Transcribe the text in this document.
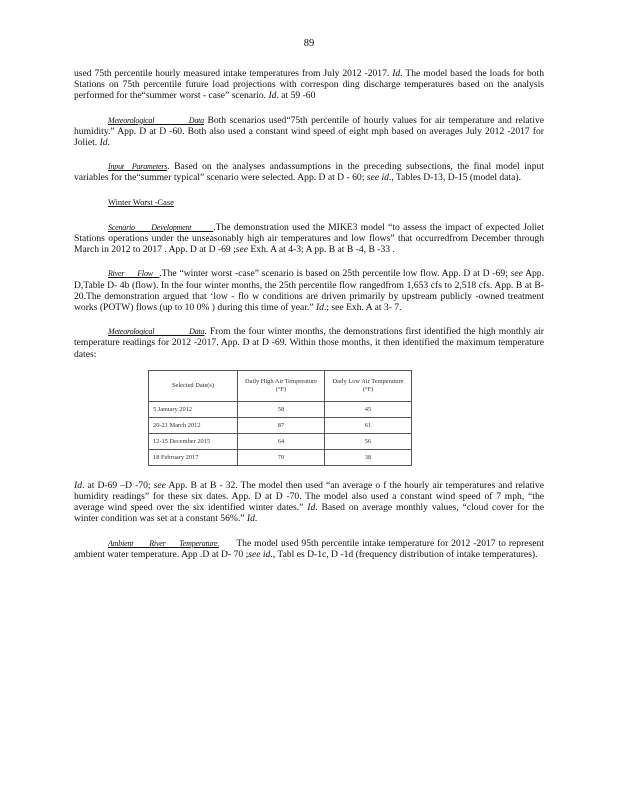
89

used 75th percentile hourly measured intake temperatures from July 2012 -2017. Id. The model based the loads for both Stations on 75th percentile future load projections with correspon ding discharge temperatures based on the analysis performed for the“summer worst - case” scenario. Id. at 59 -60

Meteorological	Data Both scenarios used“75th percentile of hourly values for air temperature and relative humidity.” App. D at D -60. Both also used a constant wind speed of eight mph based on averages July 2012 -2017 for Joliet. Id.

Input Parameters. Based on the analyses andassumptions in the preceding subsections, the final model input variables for the“summer typical” scenario were selected. App. D at D - 60; see id., Tables D-13, D-15 (model data).

Winter Worst -Case

Scenario Development .The demonstration used the MIKE3 model “to assess the impact of expected Joliet Stations operations under the unseasonably high air temperatures and low flows” that occurredfrom December through March in 2012 to 2017 . App. D at D -69 ;see Exh. A at 4-3; A pp. B at B -4, B -33 .

River Flow .The “winter worst -case” scenario is based on 25th percentile low flow. App. D at D -69; see App. D,Table D- 4b (flow). In the four winter months, the 25th percentile flow rangedfrom 1,653 cfs to 2,518 cfs. App. B at B- 20.The demonstration argued that ‘low - flo w conditions are driven primarily by upstream publicly -owned treatment works (POTW) flows (up to 10 0% ) during this time of year.” Id.; see Exh. A at 3- 7.

Meteorological	Data. From the four winter months, the demonstrations first identified the high monthly air temperature readings for 2012 -2017. App. D at D -69. Within those months, it then identified the maximum temperature dates:

Selected Date(s)	Daily High Air Temperature (°F)	Daily Low Air Temperature (°F)
5 January 2012	58	45
20-21 March 2012	87	61
12-15 December 2015	64	56
18 February 2017	70	38

Id. at D-69 –D -70; see App. B at B - 32. The model then used “an average o f the hourly air temperatures and relative humidity readings” for these six dates. App. D at D -70. The model also used a constant wind speed of 7 mph, “the average wind speed over the six identified winter dates.” Id. Based on average monthly values, “cloud cover for the winter condition was set at a constant 56%.” Id.

Ambient River Temperature. The model used 95th percentile intake temperature for 2012 -2017 to represent ambient water temperature. App .D at D- 70 ;see id., Tabl es D-1c, D -1d (frequency distribution of intake temperatures).
